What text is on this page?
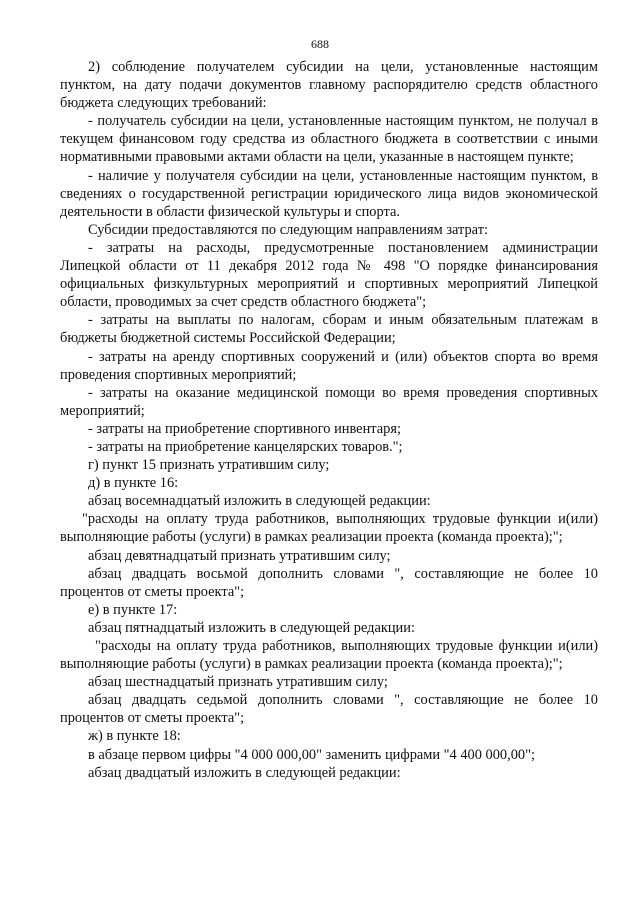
688

2) соблюдение получателем субсидии на цели, установленные настоящим пунктом, на дату подачи документов главному распорядителю средств областного бюджета следующих требований:

- получатель субсидии на цели, установленные настоящим пунктом, не получал в текущем финансовом году средства из областного бюджета в соответствии с иными нормативными правовыми актами области на цели, указанные в настоящем пункте;

- наличие у получателя субсидии на цели, установленные настоящим пунктом, в сведениях о государственной регистрации юридического лица видов экономической деятельности в области физической культуры и спорта.

Субсидии предоставляются по следующим направлениям затрат:

- затраты на расходы, предусмотренные постановлением администрации Липецкой области от 11 декабря 2012 года № 498 "О порядке финансирования официальных физкультурных мероприятий и спортивных мероприятий Липецкой области, проводимых за счет средств областного бюджета";

- затраты на выплаты по налогам, сборам и иным обязательным платежам в бюджеты бюджетной системы Российской Федерации;

- затраты на аренду спортивных сооружений и (или) объектов спорта во время проведения спортивных мероприятий;

- затраты на оказание медицинской помощи во время проведения спортивных мероприятий;

- затраты на приобретение спортивного инвентаря;

- затраты на приобретение канцелярских товаров.";

г) пункт 15 признать утратившим силу;

д) в пункте 16:

абзац восемнадцатый изложить в следующей редакции:

"расходы на оплату труда работников, выполняющих трудовые функции и(или) выполняющие работы (услуги) в рамках реализации проекта (команда проекта);";

абзац девятнадцатый признать утратившим силу;

абзац двадцать восьмой дополнить словами ", составляющие не более 10 процентов от сметы проекта";

е) в пункте 17:

абзац пятнадцатый изложить в следующей редакции:

"расходы на оплату труда работников, выполняющих трудовые функции и(или) выполняющие работы (услуги) в рамках реализации проекта (команда проекта);";

абзац шестнадцатый признать утратившим силу;

абзац двадцать седьмой дополнить словами ", составляющие не более 10 процентов от сметы проекта";

ж) в пункте 18:

в абзаце первом цифры "4 000 000,00" заменить цифрами "4 400 000,00";

абзац двадцатый изложить в следующей редакции:
